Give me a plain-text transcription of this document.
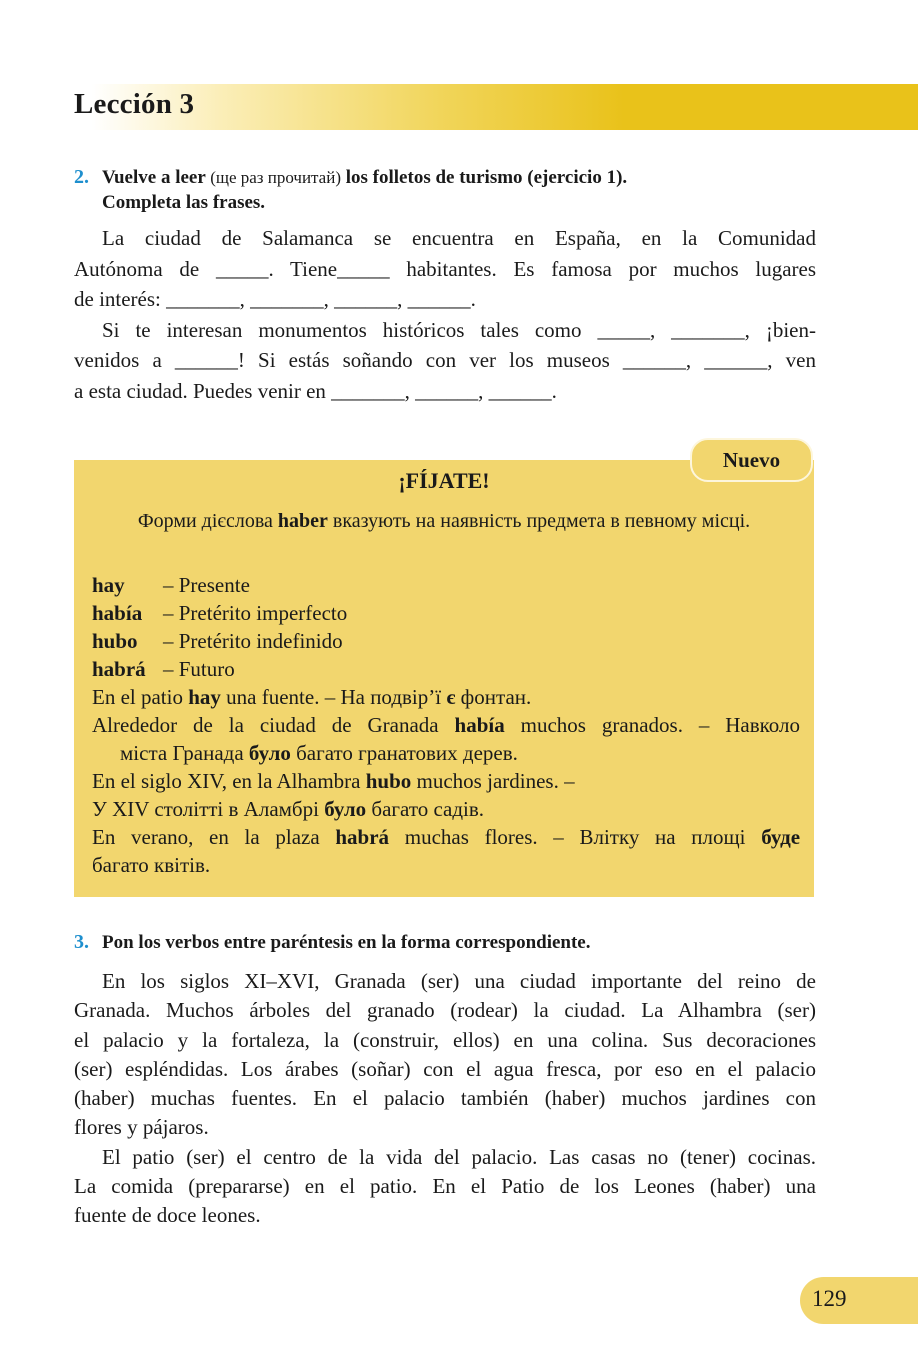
Lección 3
2. Vuelve a leer (ще раз прочитай) los folletos de turismo (ejercicio 1).
Completa las frases.

La ciudad de Salamanca se encuentra en España, en la Comunidad

Autónoma de _____. Tiene_____ habitantes. Es famosa por muchos lugares

de interés: _______, _______, ______, ______.

Si te interesan monumentos históricos tales como _____, _______, ¡bien-

venidos a ______! Si estás soñando con ver los museos ______, ______, ven

a esta ciudad. Puedes venir en _______, ______, ______.

¡FÍJATE!

Форми дієслова haber вказують на наявність предмета в певному місці.

hay – Presente

había – Pretérito imperfecto

hubo – Pretérito indefinido

habrá – Futuro

En el patio hay una fuente. – На подвір’ї є фонтан.

Alrededor de la ciudad de Granada había muchos granados. – Навколо

міста Гранада було багато гранатових дерев.

En el siglo XIV, en la Alhambra hubo muchos jardines. –

У XIV столітті в Аламбрі було багато садів.

En verano, en la plaza habrá muchas flores. – Влітку на площі буде

багато квітів.

Nuevo
3. Pon los verbos entre paréntesis en la forma correspondiente.

En los siglos XI–XVI, Granada (ser) una ciudad importante del reino de

Granada. Muchos árboles del granado (rodear) la ciudad. La Alhambra (ser)

el palacio y la fortaleza, la (construir, ellos) en una colina. Sus decoraciones

(ser) espléndidas. Los árabes (soñar) con el agua fresca, por eso en el palacio

(haber) muchas fuentes. En el palacio también (haber) muchos jardines con

flores y pájaros.

El patio (ser) el centro de la vida del palacio. Las casas no (tener) cocinas.

La comida (prepararse) en el patio. En el Patio de los Leones (haber) una

fuente de doce leones.

129
